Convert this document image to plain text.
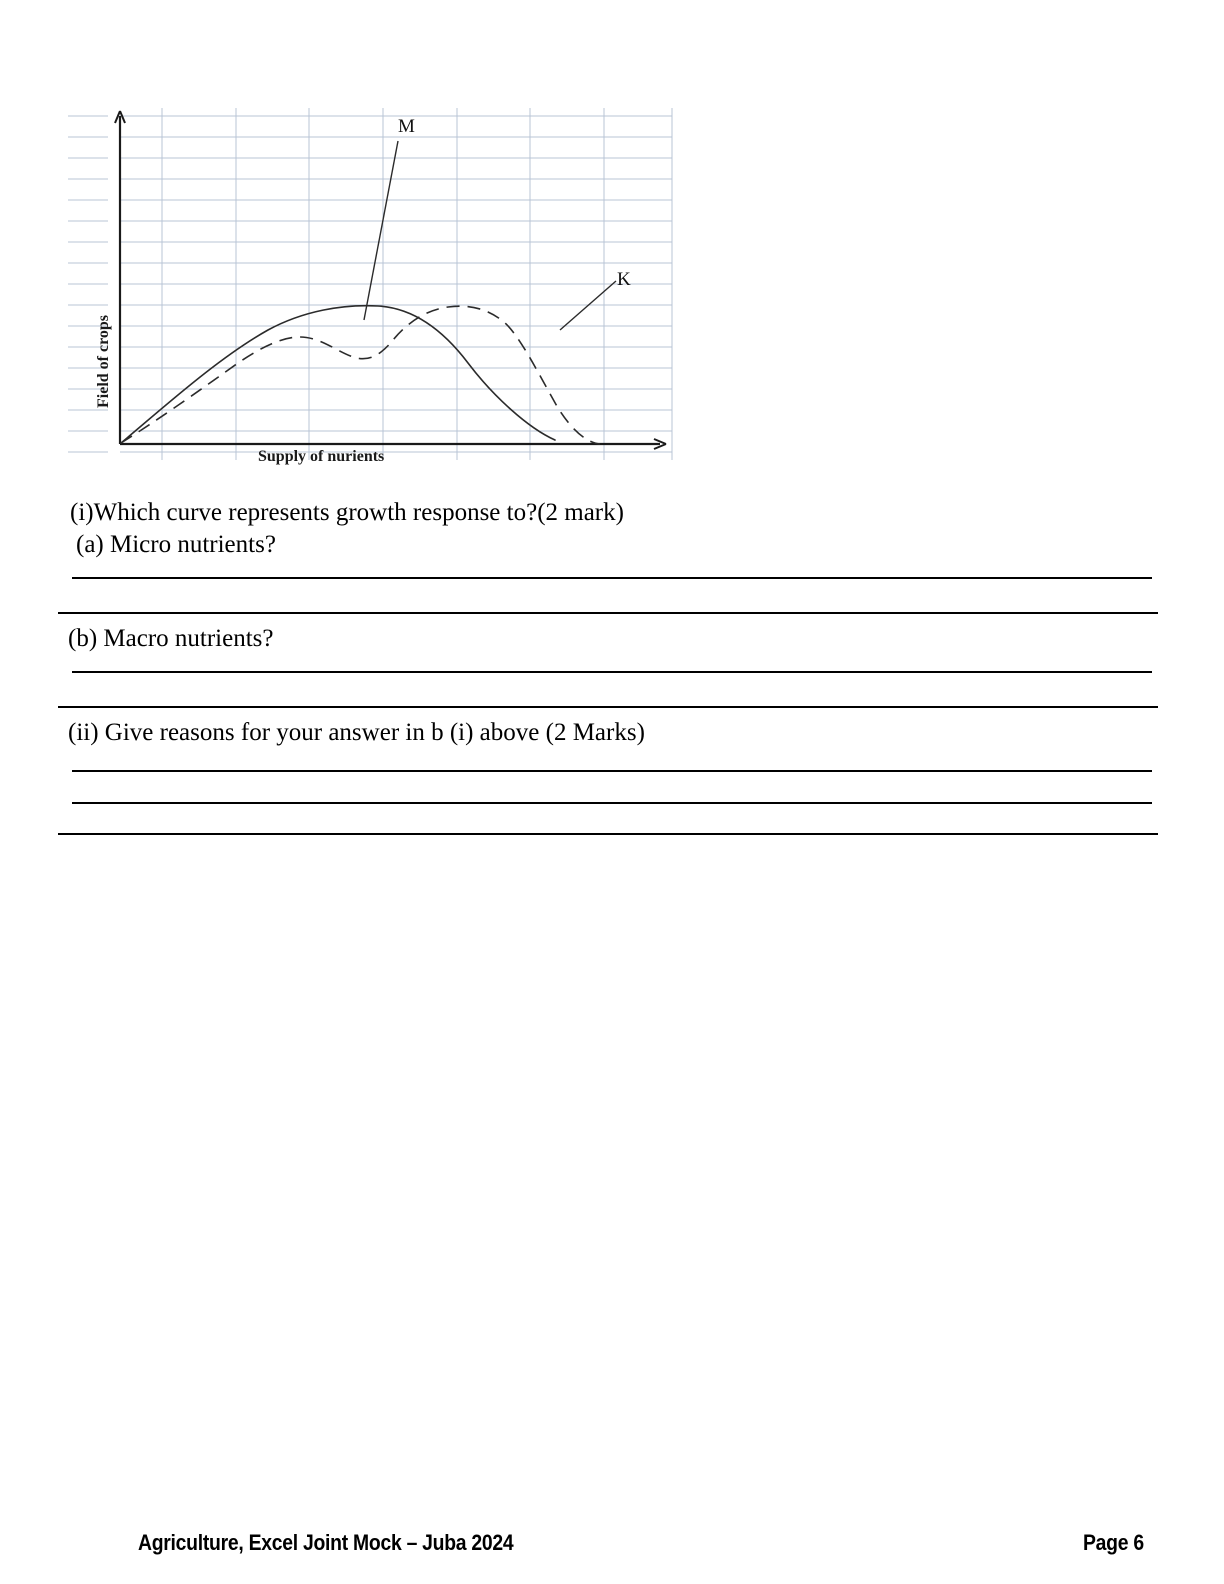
M
K
Field of crops
Supply of nurients
(i)Which curve represents growth response to?(2 mark)
(a) Micro nutrients?
(b) Macro nutrients?
(ii) Give reasons for your answer in b (i) above (2 Marks)
Agriculture, Excel Joint Mock – Juba 2024	Page 6
